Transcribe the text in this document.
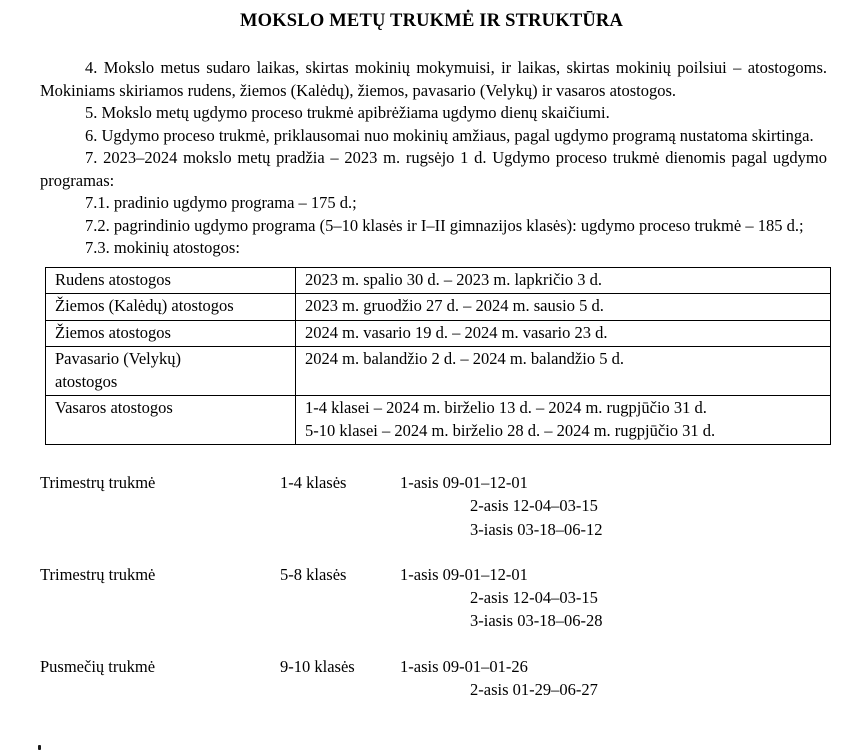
MOKSLO METŲ TRUKMĖ IR STRUKTŪRA

4. Mokslo metus sudaro laikas, skirtas mokinių mokymuisi, ir laikas, skirtas mokinių poilsiui – atostogoms. Mokiniams skiriamos rudens, žiemos (Kalėdų), žiemos, pavasario (Velykų) ir vasaros atostogos.

5. Mokslo metų ugdymo proceso trukmė apibrėžiama ugdymo dienų skaičiumi.

6. Ugdymo proceso trukmė, priklausomai nuo mokinių amžiaus, pagal ugdymo programą nustatoma skirtinga.

7. 2023–2024 mokslo metų pradžia – 2023 m. rugsėjo 1 d. Ugdymo proceso trukmė dienomis pagal ugdymo programas:

7.1. pradinio ugdymo programa – 175 d.;

7.2. pagrindinio ugdymo programa (5–10 klasės ir I–II gimnazijos klasės): ugdymo proceso trukmė – 185 d.;

7.3. mokinių atostogos:

Rudens atostogos	2023 m. spalio 30 d. – 2023 m. lapkričio 3 d.
Žiemos (Kalėdų) atostogos	2023 m. gruodžio 27 d. – 2024 m. sausio 5 d.
Žiemos atostogos	2024 m. vasario 19 d. – 2024 m. vasario 23 d.
Pavasario (Velykų) atostogos	2024 m. balandžio 2 d. – 2024 m. balandžio 5 d.
Vasaros atostogos	1-4 klasei – 2024 m. birželio 13 d. – 2024 m. rugpjūčio 31 d.
5-10 klasei – 2024 m. birželio 28 d. – 2024 m. rugpjūčio 31 d.
Trimestrų trukmė	1-4 klasės	1-asis 09-01–12-01
2-asis 12-04–03-15
3-iasis 03-18–06-12
Trimestrų trukmė	5-8 klasės	1-asis 09-01–12-01
2-asis 12-04–03-15
3-iasis 03-18–06-28
Pusmečių trukmė	9-10 klasės	1-asis 09-01–01-26
2-asis 01-29–06-27
